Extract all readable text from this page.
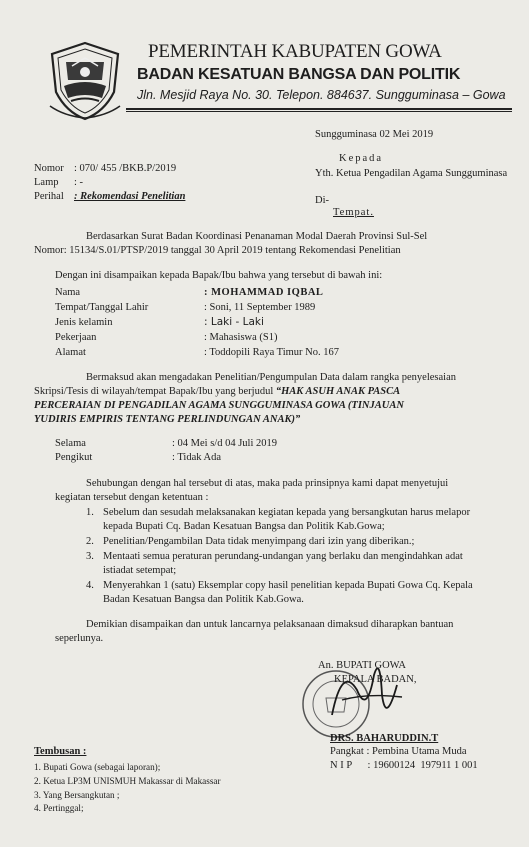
PEMERINTAH KABUPATEN GOWA
BADAN KESATUAN BANGSA DAN POLITIK
Jln. Mesjid Raya No. 30. Telepon. 884637. Sungguminasa – Gowa
Sungguminasa 02 Mei 2019
Nomor : 070/ 455 /BKB.P/2019
Lamp : -
Perihal : Rekomendasi Penelitian
Kepada
Yth. Ketua Pengadilan Agama Sungguminasa
Di-
Tempat.
Berdasarkan Surat Badan Koordinasi Penanaman Modal Daerah Provinsi Sul-Sel
Nomor: 15134/S.01/PTSP/2019 tanggal 30 April 2019 tentang Rekomendasi Penelitian
Dengan ini disampaikan kepada Bapak/Ibu bahwa yang tersebut di bawah ini:
Nama	: MOHAMMAD IQBAL
Tempat/Tanggal Lahir	: Soni, 11 September 1989
Jenis kelamin	: Laki - Laki
Pekerjaan	: Mahasiswa (S1)
Alamat	: Toddopili Raya Timur No. 167
Bermaksud akan mengadakan Penelitian/Pengumpulan Data dalam rangka penyelesaian
Skripsi/Tesis di wilayah/tempat Bapak/Ibu yang berjudul “HAK ASUH ANAK PASCA
PERCERAIAN DI PENGADILAN AGAMA SUNGGUMINASA GOWA (TINJAUAN
YUDIRIS EMPIRIS TENTANG PERLINDUNGAN ANAK)”
Selama	: 04 Mei s/d 04 Juli 2019
Pengikut	: Tidak Ada
Sehubungan dengan hal tersebut di atas, maka pada prinsipnya kami dapat menyetujui
kegiatan tersebut dengan ketentuan :
1. Sebelum dan sesudah melaksanakan kegiatan kepada yang bersangkutan harus melapor
kepada Bupati Cq. Badan Kesatuan Bangsa dan Politik Kab.Gowa;
2. Penelitian/Pengambilan Data tidak menyimpang dari izin yang diberikan.;
3. Mentaati semua peraturan perundang-undangan yang berlaku dan mengindahkan adat
istiadat setempat;
4. Menyerahkan 1 (satu) Eksemplar copy hasil penelitian kepada Bupati Gowa Cq. Kepala
Badan Kesatuan Bangsa dan Politik Kab.Gowa.
Demikian disampaikan dan untuk lancarnya pelaksanaan dimaksud diharapkan bantuan
seperlunya.
An. BUPATI GOWA
KEPALA BADAN,
DRS. BAHARUDDIN.T
Pangkat : Pembina Utama Muda
N I P      : 19600124  197911 1 001
Tembusan :
1. Bupati Gowa (sebagai laporan);
2. Ketua LP3M UNISMUH Makassar di Makassar
3. Yang Bersangkutan ;
4. Pertinggal;
